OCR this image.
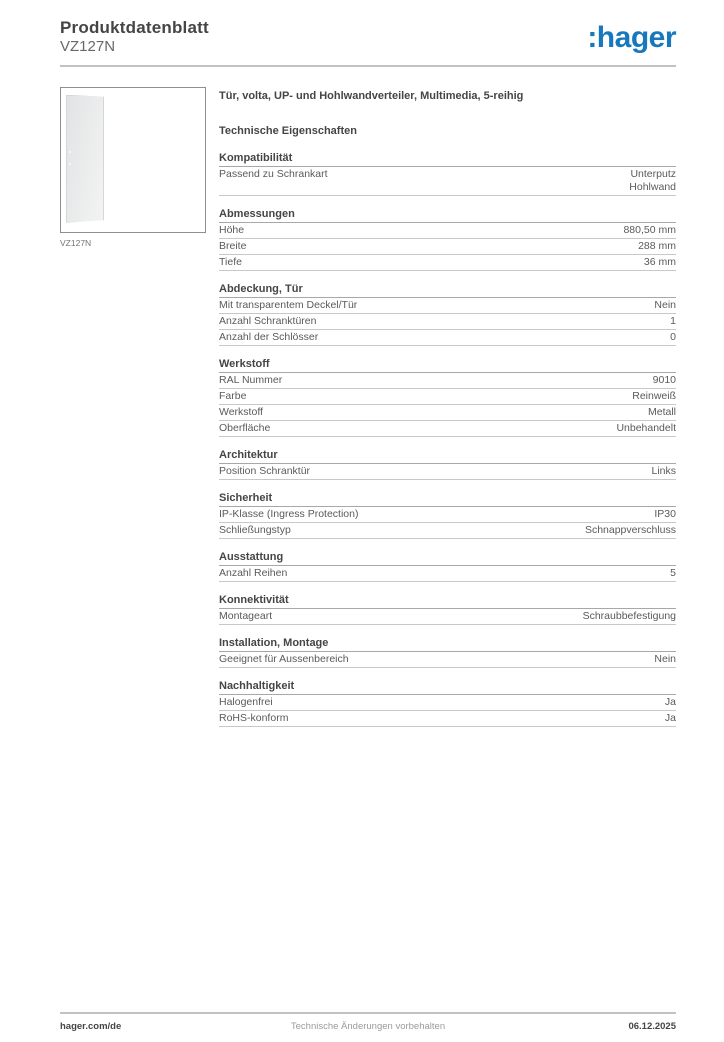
Produktdatenblatt
VZ127N	:hager
VZ127N
Tür, volta, UP- und Hohlwandverteiler, Multimedia, 5-reihig
Technische Eigenschaften
Kompatibilität
Passend zu Schrankart	Unterputz
Hohlwand
Abmessungen
Höhe	880,50 mm
Breite	288 mm
Tiefe	36 mm
Abdeckung, Tür
Mit transparentem Deckel/Tür	Nein
Anzahl Schranktüren	1
Anzahl der Schlösser	0
Werkstoff
RAL Nummer	9010
Farbe	Reinweiß
Werkstoff	Metall
Oberfläche	Unbehandelt
Architektur
Position Schranktür	Links
Sicherheit
IP-Klasse (Ingress Protection)	IP30
Schließungstyp	Schnappverschluss
Ausstattung
Anzahl Reihen	5
Konnektivität
Montageart	Schraubbefestigung
Installation, Montage
Geeignet für Aussenbereich	Nein
Nachhaltigkeit
Halogenfrei	Ja
RoHS-konform	Ja
hager.com/de	Technische Änderungen vorbehalten	06.12.2025
